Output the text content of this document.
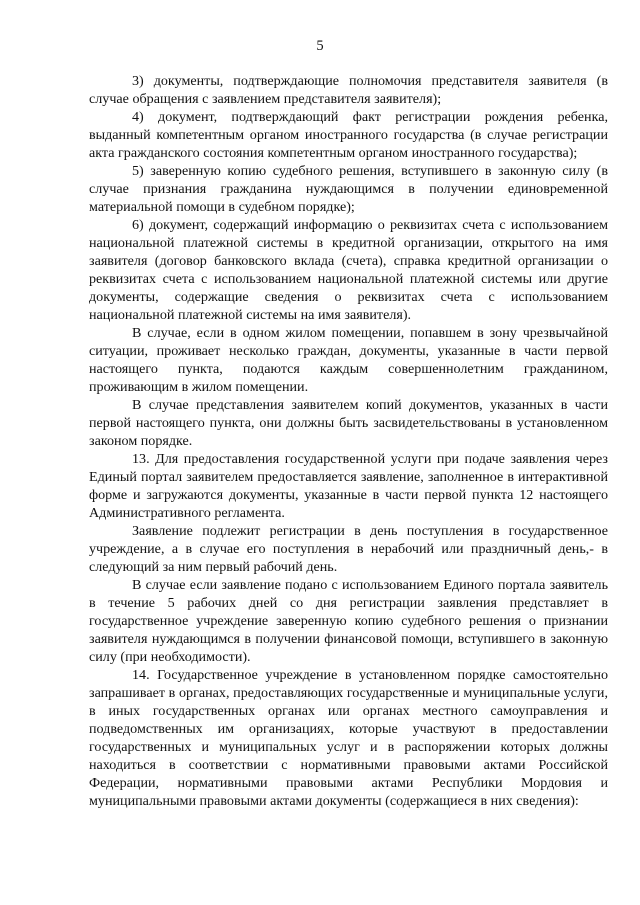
5

3) документы, подтверждающие полномочия представителя заявителя (в случае обращения с заявлением представителя заявителя);

4) документ, подтверждающий факт регистрации рождения ребенка, выданный компетентным органом иностранного государства (в случае регистрации акта гражданского состояния компетентным органом иностранного государства);

5) заверенную копию судебного решения, вступившего в законную силу (в случае признания гражданина нуждающимся в получении единовременной материальной помощи в судебном порядке);

6) документ, содержащий информацию о реквизитах счета с использованием национальной платежной системы в кредитной организации, открытого на имя заявителя (договор банковского вклада (счета), справка кредитной организации о реквизитах счета с использованием национальной платежной системы или другие документы, содержащие сведения о реквизитах счета с использованием национальной платежной системы на имя заявителя).

В случае, если в одном жилом помещении, попавшем в зону чрезвычайной ситуации, проживает несколько граждан, документы, указанные в части первой настоящего пункта, подаются каждым совершеннолетним гражданином, проживающим в жилом помещении.

В случае представления заявителем копий документов, указанных в части первой настоящего пункта, они должны быть засвидетельствованы в установленном законом порядке.

13. Для предоставления государственной услуги при подаче заявления через Единый портал заявителем предоставляется заявление, заполненное в интерактивной форме и загружаются документы, указанные в части первой пункта 12 настоящего Административного регламента.

Заявление подлежит регистрации в день поступления в государственное учреждение, а в случае его поступления в нерабочий или праздничный день,- в следующий за ним первый рабочий день.

В случае если заявление подано с использованием Единого портала заявитель в течение 5 рабочих дней со дня регистрации заявления представляет в государственное учреждение заверенную копию судебного решения о признании заявителя нуждающимся в получении финансовой помощи, вступившего в законную силу (при необходимости).

14. Государственное учреждение в установленном порядке самостоятельно запрашивает в органах, предоставляющих государственные и муниципальные услуги, в иных государственных органах или органах местного самоуправления и подведомственных им организациях, которые участвуют в предоставлении государственных и муниципальных услуг и в распоряжении которых должны находиться в соответствии с нормативными правовыми актами Российской Федерации, нормативными правовыми актами Республики Мордовия и муниципальными правовыми актами документы (содержащиеся в них сведения):
